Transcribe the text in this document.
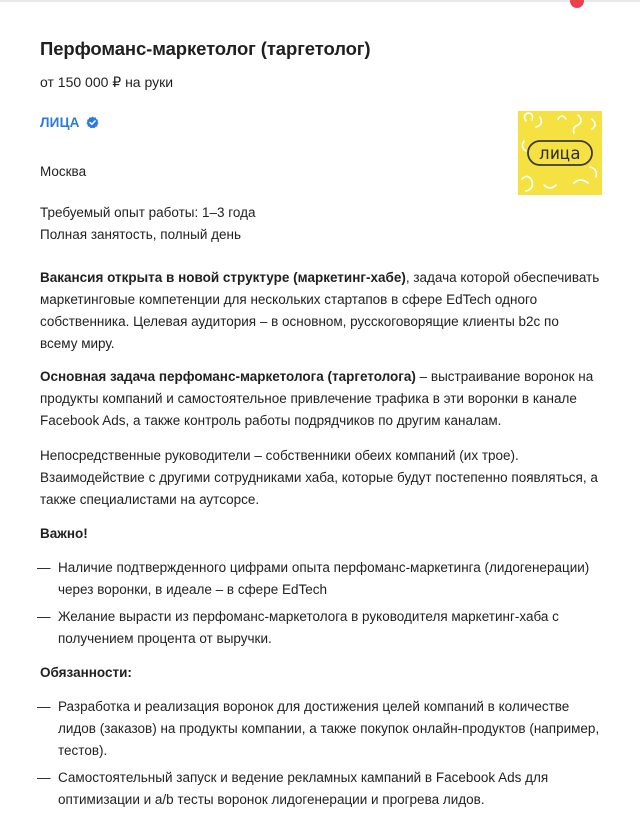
Перфоманс-маркетолог (таргетолог)
от 150 000 ₽ на руки
ЛИЦА
лица
Москва
Требуемый опыт работы: 1–3 года
Полная занятость, полный день

Вакансия открыта в новой структуре (маркетинг-хабе), задача которой обеспечивать маркетинговые компетенции для нескольких стартапов в сфере EdTech одного собственника. Целевая аудитория – в основном, русскоговорящие клиенты b2c по всему миру.

Основная задача перфоманс-маркетолога (таргетолога) – выстраивание воронок на продукты компаний и самостоятельное привлечение трафика в эти воронки в канале Facebook Ads, а также контроль работы подрядчиков по другим каналам.

Непосредственные руководители – собственники обеих компаний (их трое). Взаимодействие с другими сотрудниками хаба, которые будут постепенно появляться, а также специалистами на аутсорсе.

Важно!
— Наличие подтвержденного цифрами опыта перфоманс-маркетинга (лидогенерации) через воронки, в идеале – в сфере EdTech
— Желание вырасти из перфоманс-маркетолога в руководителя маркетинг-хаба с получением процента от выручки.
Обязанности:
— Разработка и реализация воронок для достижения целей компаний в количестве лидов (заказов) на продукты компании, а также покупок онлайн-продуктов (например, тестов).
— Самостоятельный запуск и ведение рекламных кампаний в Facebook Ads для оптимизации и a/b тесты воронок лидогенерации и прогрева лидов.
